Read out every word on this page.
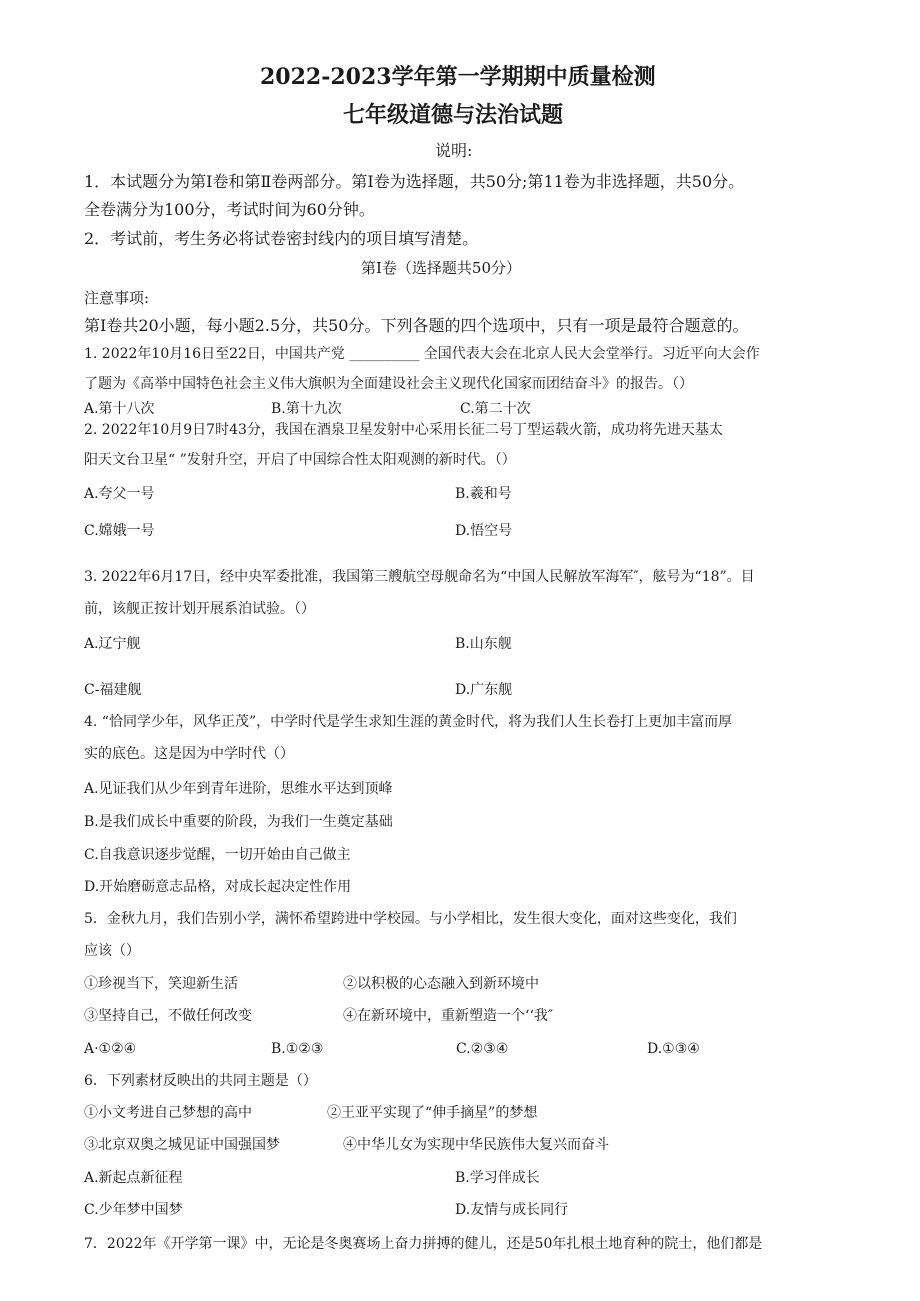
2022-2023学年第一学期期中质量检测
七年级道德与法治试题
说明:
1．本试题分为第Ⅰ卷和第Ⅱ卷两部分。第Ⅰ卷为选择题，共50分;第11卷为非选择题，共50分。
全卷满分为100分，考试时间为60分钟。
2．考试前，考生务必将试卷密封线内的项目填写清楚。
第Ⅰ卷（选择题共50分）
注意事项:
第Ⅰ卷共20小题，每小题2.5分，共50分。下列各题的四个选项中，只有一项是最符合题意的。
1. 2022年10月16日至22日，中国共产党 __________ 全国代表大会在北京人民大会堂举行。习近平向大会作
了题为《高举中国特色社会主义伟大旗帜为全面建设社会主义现代化国家而团结奋斗》的报告。（）
A.第十八次	B.第十九次	C.第二十次
2. 2022年10月9日7时43分，我国在酒泉卫星发射中心采用长征二号丁型运载火箭，成功将先进天基太
阳天文台卫星“ ”发射升空，开启了中国综合性太阳观测的新时代。（）
A.夸父一号	B.羲和号
C.嫦娥一号	D.悟空号
3. 2022年6月17日，经中央军委批准，我国第三艘航空母舰命名为“中国人民解放军海军″，舷号为“18”。目
前，该舰正按计划开展系泊试验。（）
A.辽宁舰	B.山东舰
C-福建舰	D.广东舰
4. “恰同学少年，风华正茂”，中学时代是学生求知生涯的黄金时代，将为我们人生长卷打上更加丰富而厚
实的底色。这是因为中学时代（）
A.见证我们从少年到青年进阶，思维水平达到顶峰
B.是我们成长中重要的阶段，为我们一生奠定基础
C.自我意识逐步觉醒，一切开始由自己做主
D.开始磨砺意志品格，对成长起决定性作用
5．金秋九月，我们告别小学，满怀希望跨进中学校园。与小学相比，发生很大变化，面对这些变化，我们
应该（）
①珍视当下，笑迎新生活	②以积极的心态融入到新环境中
③坚持自己，不做任何改变	④在新环境中，重新塑造一个‘‘我″
A·①②④	B.①②③	C.②③④	D.①③④
6．下列素材反映出的共同主题是（）
①小文考进自己梦想的高中	②王亚平实现了“伸手摘星”的梦想
③北京双奥之城见证中国强国梦	④中华儿女为实现中华民族伟大复兴而奋斗
A.新起点新征程	B.学习伴成长
C.少年梦中国梦	D.友情与成长同行
7．2022年《开学第一课》中，无论是冬奥赛场上奋力拼搏的健儿，还是50年扎根土地育种的院士，他们都是
